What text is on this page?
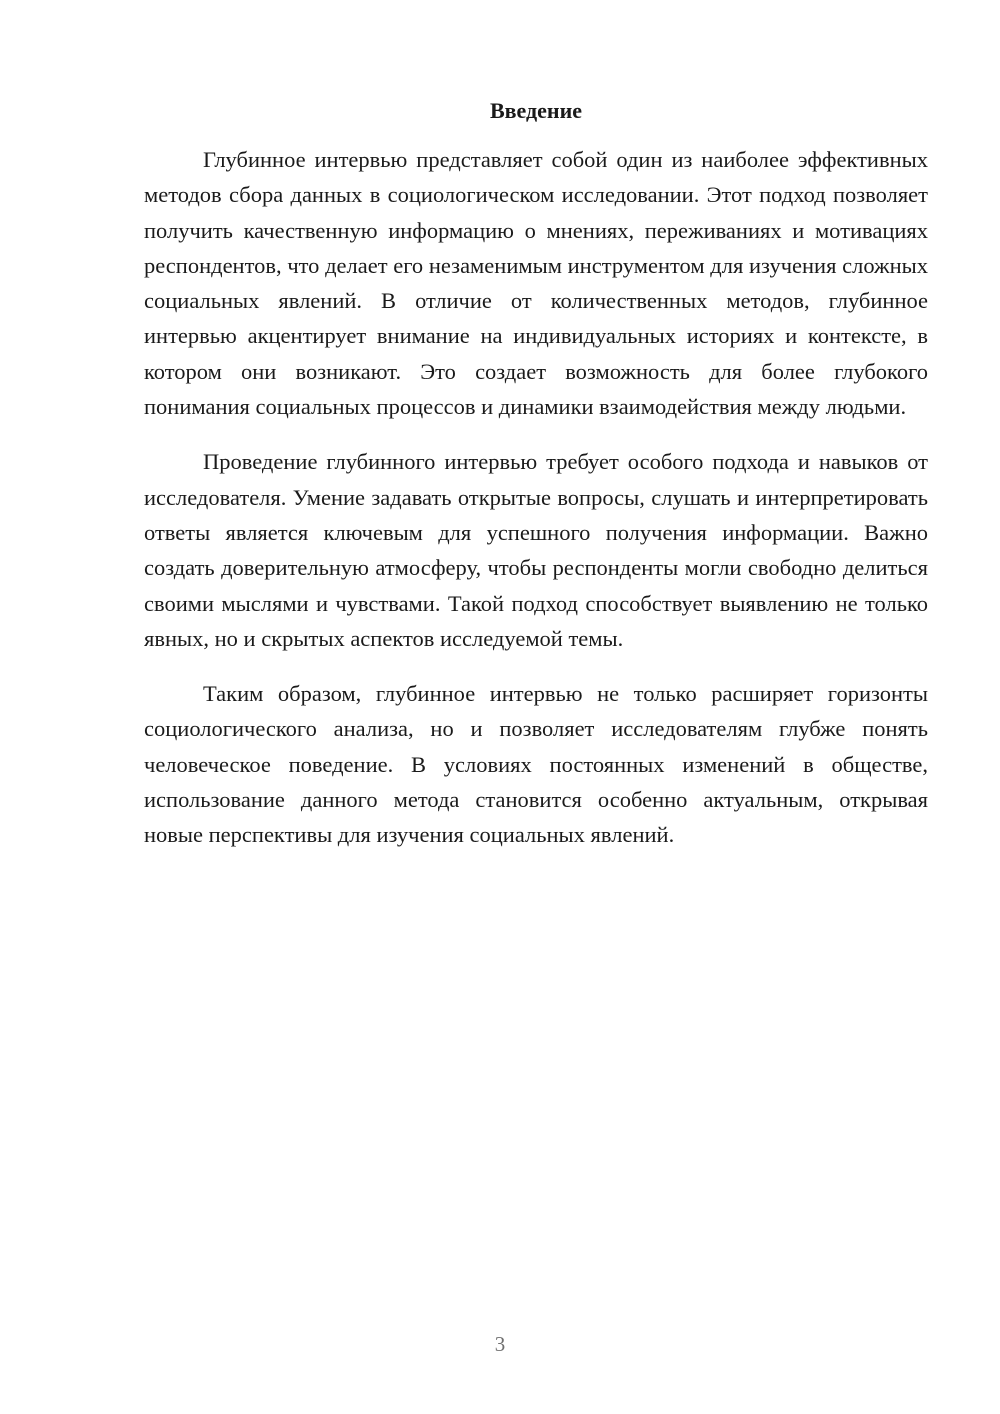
Введение

Глубинное интервью представляет собой один из наиболее эффективных методов сбора данных в социологическом исследовании. Этот подход позволяет получить качественную информацию о мнениях, переживаниях и мотивациях респондентов, что делает его незаменимым инструментом для изучения сложных социальных явлений. В отличие от количественных методов, глубинное интервью акцентирует внимание на индивидуальных историях и контексте, в котором они возникают. Это создает возможность для более глубокого понимания социальных процессов и динамики взаимодействия между людьми.

Проведение глубинного интервью требует особого подхода и навыков от исследователя. Умение задавать открытые вопросы, слушать и интерпретировать ответы является ключевым для успешного получения информации. Важно создать доверительную атмосферу, чтобы респонденты могли свободно делиться своими мыслями и чувствами. Такой подход способствует выявлению не только явных, но и скрытых аспектов исследуемой темы.

Таким образом, глубинное интервью не только расширяет горизонты социологического анализа, но и позволяет исследователям глубже понять человеческое поведение. В условиях постоянных изменений в обществе, использование данного метода становится особенно актуальным, открывая новые перспективы для изучения социальных явлений.

3
